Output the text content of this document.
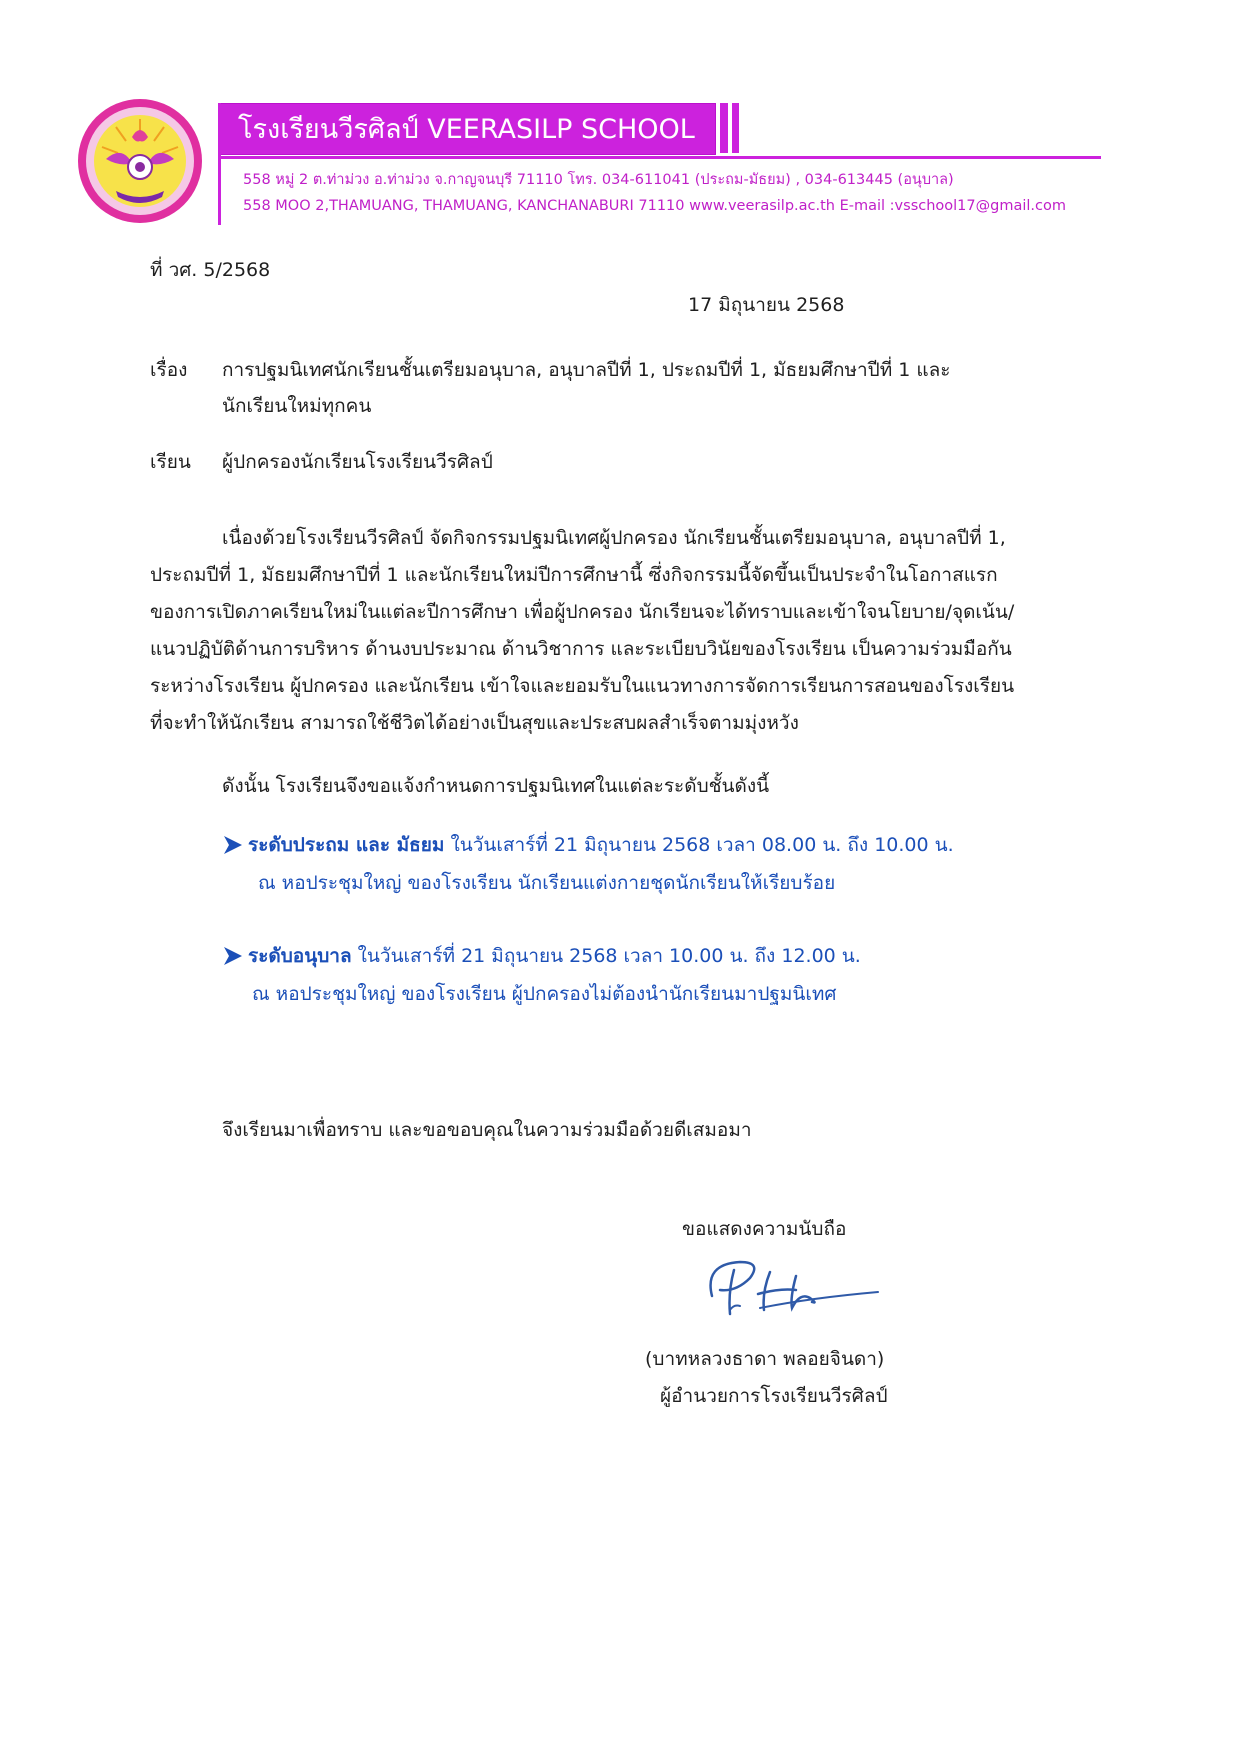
โรงเรียนวีรศิลป์ VEERASILP SCHOOL
558 หมู่ 2 ต.ท่าม่วง อ.ท่าม่วง จ.กาญจนบุรี 71110 โทร. 034-611041 (ประถม-มัธยม) , 034-613445 (อนุบาล)
558 MOO 2,THAMUANG, THAMUANG, KANCHANABURI 71110 www.veerasilp.ac.th E-mail :vsschool17@gmail.com
ที่ วศ. 5/2568
17 มิถุนายน 2568
เรื่อง การปฐมนิเทศนักเรียนชั้นเตรียมอนุบาล, อนุบาลปีที่ 1, ประถมปีที่ 1, มัธยมศึกษาปีที่ 1 และ
นักเรียนใหม่ทุกคน
เรียน ผู้ปกครองนักเรียนโรงเรียนวีรศิลป์
เนื่องด้วยโรงเรียนวีรศิลป์ จัดกิจกรรมปฐมนิเทศผู้ปกครอง นักเรียนชั้นเตรียมอนุบาล, อนุบาลปีที่ 1,
ประถมปีที่ 1, มัธยมศึกษาปีที่ 1 และนักเรียนใหม่ปีการศึกษานี้ ซึ่งกิจกรรมนี้จัดขึ้นเป็นประจำในโอกาสแรก
ของการเปิดภาคเรียนใหม่ในแต่ละปีการศึกษา เพื่อผู้ปกครอง นักเรียนจะได้ทราบและเข้าใจนโยบาย/จุดเน้น/
แนวปฏิบัติด้านการบริหาร ด้านงบประมาณ ด้านวิชาการ และระเบียบวินัยของโรงเรียน เป็นความร่วมมือกัน
ระหว่างโรงเรียน ผู้ปกครอง และนักเรียน เข้าใจและยอมรับในแนวทางการจัดการเรียนการสอนของโรงเรียน
ที่จะทำให้นักเรียน สามารถใช้ชีวิตได้อย่างเป็นสุขและประสบผลสำเร็จตามมุ่งหวัง
ดังนั้น โรงเรียนจึงขอแจ้งกำหนดการปฐมนิเทศในแต่ละระดับชั้นดังนี้
ระดับประถม และ มัธยม ในวันเสาร์ที่ 21 มิถุนายน 2568 เวลา 08.00 น. ถึง 10.00 น.
ณ หอประชุมใหญ่ ของโรงเรียน นักเรียนแต่งกายชุดนักเรียนให้เรียบร้อย
ระดับอนุบาล ในวันเสาร์ที่ 21 มิถุนายน 2568 เวลา 10.00 น. ถึง 12.00 น.
ณ หอประชุมใหญ่ ของโรงเรียน ผู้ปกครองไม่ต้องนำนักเรียนมาปฐมนิเทศ
จึงเรียนมาเพื่อทราบ และขอขอบคุณในความร่วมมือด้วยดีเสมอมา
ขอแสดงความนับถือ
(บาทหลวงธาดา พลอยจินดา)
ผู้อำนวยการโรงเรียนวีรศิลป์
